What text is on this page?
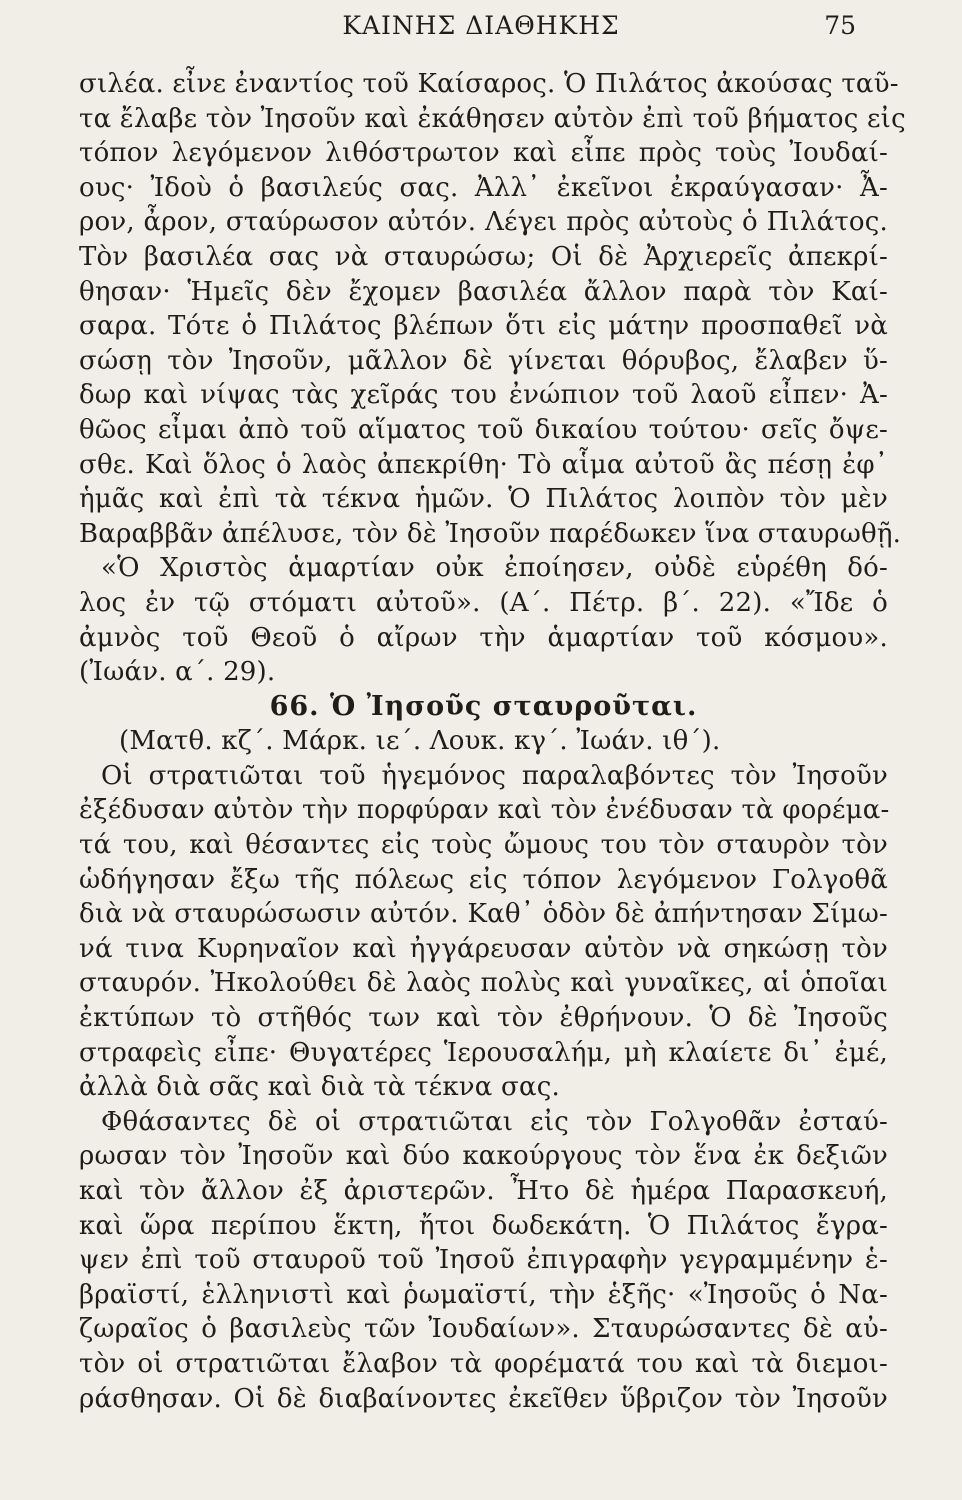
ΚΑΙΝΗΣ ΔΙΑΘΗΚΗΣ	75
σιλέα. εἶνε ἐναντίος τοῦ Καίσαρος. Ὁ Πιλάτος ἀκούσας ταῦ-
τα ἔλαβε τὸν Ἰησοῦν καὶ ἐκάθησεν αὐτὸν ἐπὶ τοῦ βήματος εἰς
τόπον λεγόμενον λιθόστρωτον καὶ εἶπε πρὸς τοὺς Ἰουδαί-
ους· Ἰδοὺ ὁ βασιλεύς σας. Ἀλλ᾽ ἐκεῖνοι ἐκραύγασαν· Ἆ-
ρον, ἆρον, σταύρωσον αὐτόν. Λέγει πρὸς αὐτοὺς ὁ Πιλάτος.
Τὸν βασιλέα σας νὰ σταυρώσω; Οἱ δὲ Ἀρχιερεῖς ἀπεκρί-
θησαν· Ἡμεῖς δὲν ἔχομεν βασιλέα ἄλλον παρὰ τὸν Καί-
σαρα. Τότε ὁ Πιλάτος βλέπων ὅτι εἰς μάτην προσπαθεῖ νὰ
σώσῃ τὸν Ἰησοῦν, μᾶλλον δὲ γίνεται θόρυβος, ἔλαβεν ὕ-
δωρ καὶ νίψας τὰς χεῖράς του ἐνώπιον τοῦ λαοῦ εἶπεν· Ἀ-
θῶος εἶμαι ἀπὸ τοῦ αἵματος τοῦ δικαίου τούτου· σεῖς ὄψε-
σθε. Καὶ ὅλος ὁ λαὸς ἀπεκρίθη· Τὸ αἷμα αὐτοῦ ἂς πέσῃ ἐφ᾽
ἡμᾶς καὶ ἐπὶ τὰ τέκνα ἡμῶν. Ὁ Πιλάτος λοιπὸν τὸν μὲν
Βαραββᾶν ἀπέλυσε, τὸν δὲ Ἰησοῦν παρέδωκεν ἵνα σταυρωθῇ.
«Ὁ Χριστὸς ἁμαρτίαν οὐκ ἐποίησεν, οὐδὲ εὑρέθη δό-
λος ἐν τῷ στόματι αὐτοῦ». (Α΄. Πέτρ. β΄. 22). «Ἴδε ὁ
ἀμνὸς τοῦ Θεοῦ ὁ αἴρων τὴν ἁμαρτίαν τοῦ κόσμου».
(Ἰωάν. α΄. 29).
66. Ὁ Ἰησοῦς σταυροῦται.
(Ματθ. κζ΄. Μάρκ. ιε΄. Λουκ. κγ΄. Ἰωάν. ιθ΄).
Οἱ στρατιῶται τοῦ ἡγεμόνος παραλαβόντες τὸν Ἰησοῦν
ἐξέδυσαν αὐτὸν τὴν πορφύραν καὶ τὸν ἐνέδυσαν τὰ φορέμα-
τά του, καὶ θέσαντες εἰς τοὺς ὤμους του τὸν σταυρὸν τὸν
ὡδήγησαν ἔξω τῆς πόλεως εἰς τόπον λεγόμενον Γολγοθᾶ
διὰ νὰ σταυρώσωσιν αὐτόν. Καθ᾽ ὁδὸν δὲ ἀπήντησαν Σίμω-
νά τινα Κυρηναῖον καὶ ἠγγάρευσαν αὐτὸν νὰ σηκώσῃ τὸν
σταυρόν. Ἠκολούθει δὲ λαὸς πολὺς καὶ γυναῖκες, αἱ ὁποῖαι
ἐκτύπων τὸ στῆθός των καὶ τὸν ἐθρήνουν. Ὁ δὲ Ἰησοῦς
στραφεὶς εἶπε· Θυγατέρες Ἱερουσαλήμ, μὴ κλαίετε δι᾽ ἐμέ,
ἀλλὰ διὰ σᾶς καὶ διὰ τὰ τέκνα σας.
Φθάσαντες δὲ οἱ στρατιῶται εἰς τὸν Γολγοθᾶν ἐσταύ-
ρωσαν τὸν Ἰησοῦν καὶ δύο κακούργους τὸν ἕνα ἐκ δεξιῶν
καὶ τὸν ἄλλον ἐξ ἀριστερῶν. Ἦτο δὲ ἡμέρα Παρασκευή,
καὶ ὥρα περίπου ἕκτη, ἤτοι δωδεκάτη. Ὁ Πιλάτος ἔγρα-
ψεν ἐπὶ τοῦ σταυροῦ τοῦ Ἰησοῦ ἐπιγραφὴν γεγραμμένην ἑ-
βραϊστί, ἑλληνιστὶ καὶ ῥωμαϊστί, τὴν ἑξῆς· «Ἰησοῦς ὁ Να-
ζωραῖος ὁ βασιλεὺς τῶν Ἰουδαίων». Σταυρώσαντες δὲ αὐ-
τὸν οἱ στρατιῶται ἔλαβον τὰ φορέματά του καὶ τὰ διεμοι-
ράσθησαν. Οἱ δὲ διαβαίνοντες ἐκεῖθεν ὕβριζον τὸν Ἰησοῦν
